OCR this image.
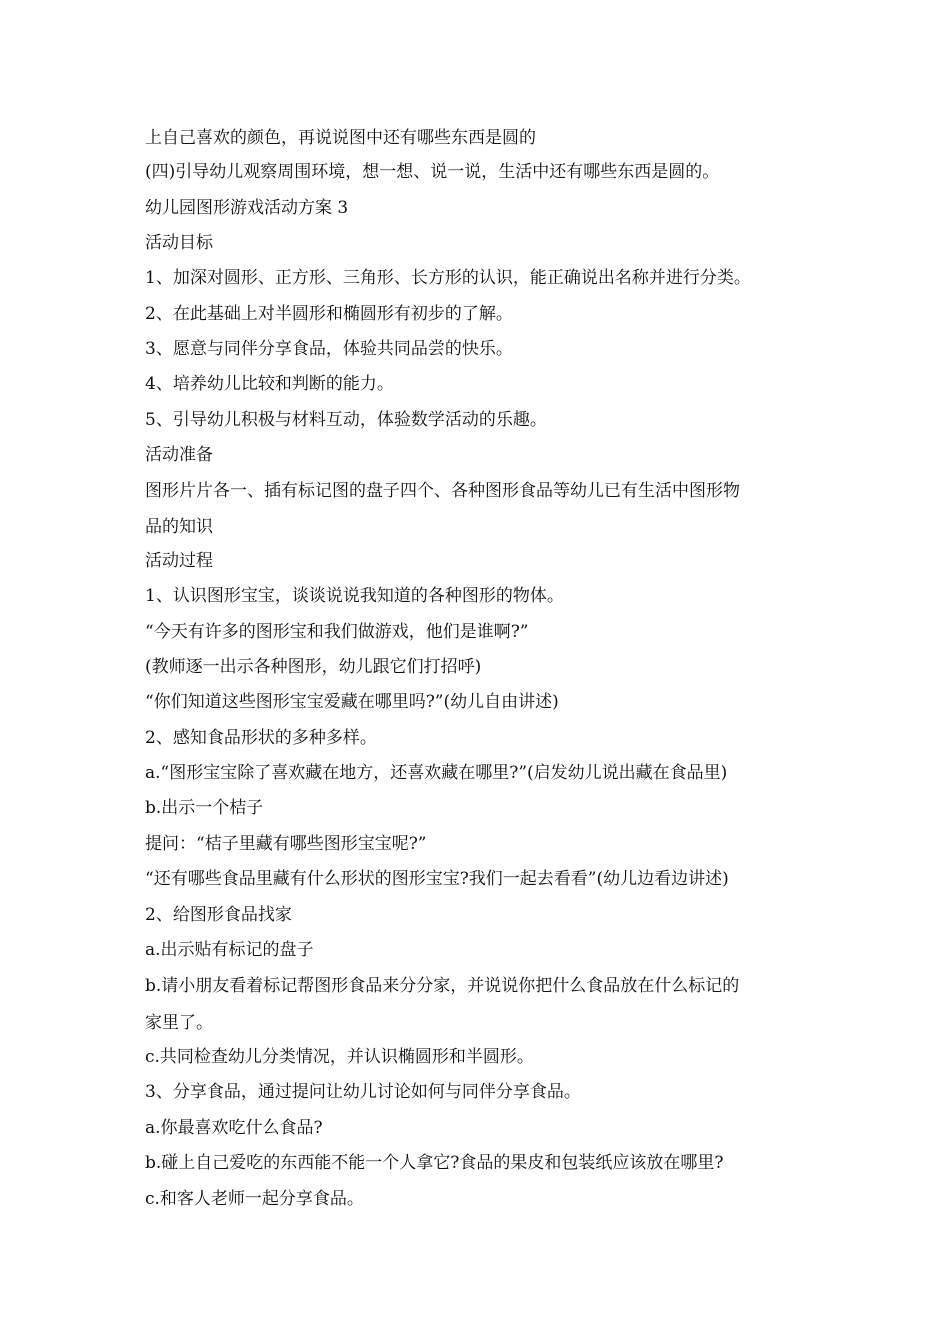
上自己喜欢的颜色，再说说图中还有哪些东西是圆的
(四)引导幼儿观察周围环境，想一想、说一说，生活中还有哪些东西是圆的。
幼儿园图形游戏活动方案 3
活动目标
1、加深对圆形、正方形、三角形、长方形的认识，能正确说出名称并进行分类。
2、在此基础上对半圆形和椭圆形有初步的了解。
3、愿意与同伴分享食品，体验共同品尝的快乐。
4、培养幼儿比较和判断的能力。
5、引导幼儿积极与材料互动，体验数学活动的乐趣。
活动准备
图形片片各一、插有标记图的盘子四个、各种图形食品等幼儿已有生活中图形物
品的知识
活动过程
1、认识图形宝宝，谈谈说说我知道的各种图形的物体。
“今天有许多的图形宝和我们做游戏，他们是谁啊?”
(教师逐一出示各种图形，幼儿跟它们打招呼)
“你们知道这些图形宝宝爱藏在哪里吗?”(幼儿自由讲述)
2、感知食品形状的多种多样。
a.“图形宝宝除了喜欢藏在地方，还喜欢藏在哪里?”(启发幼儿说出藏在食品里)
b.出示一个桔子
提问：“桔子里藏有哪些图形宝宝呢?”
“还有哪些食品里藏有什么形状的图形宝宝?我们一起去看看”(幼儿边看边讲述)
2、给图形食品找家
a.出示贴有标记的盘子
b.请小朋友看着标记帮图形食品来分分家，并说说你把什么食品放在什么标记的
家里了。
c.共同检查幼儿分类情况，并认识椭圆形和半圆形。
3、分享食品，通过提问让幼儿讨论如何与同伴分享食品。
a.你最喜欢吃什么食品?
b.碰上自己爱吃的东西能不能一个人拿它?食品的果皮和包装纸应该放在哪里?
c.和客人老师一起分享食品。
